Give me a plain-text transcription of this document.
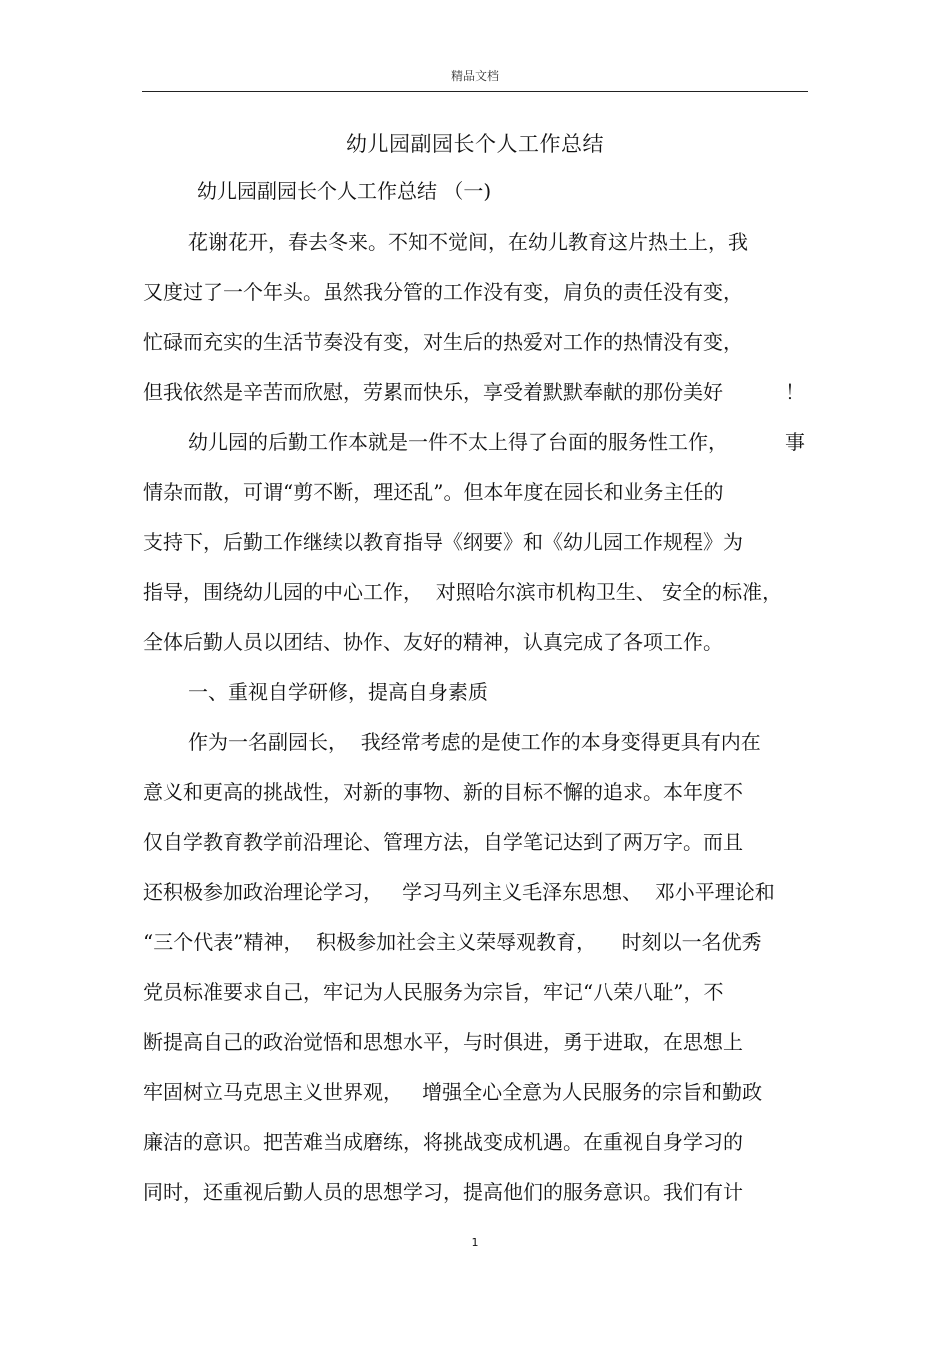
精品文档
幼儿园副园长个人工作总结
幼儿园副园长个人工作总结 （一)
花谢花开，春去冬来。不知不觉间，在幼儿教育这片热土上，我
又度过了一个年头。虽然我分管的工作没有变，肩负的责任没有变，
忙碌而充实的生活节奏没有变，对生后的热爱对工作的热情没有变，
但我依然是辛苦而欣慰，劳累而快乐，享受着默默奉献的那份美好	！
幼儿园的后勤工作本就是一件不太上得了台面的服务性工作，	事
情杂而散，可谓“剪不断，理还乱”。但本年度在园长和业务主任的
支持下，后勤工作继续以教育指导《纲要》和《幼儿园工作规程》为
指导，围绕幼儿园的中心工作，  对照哈尔滨市机构卫生、 安全的标准，
全体后勤人员以团结、协作、友好的精神，认真完成了各项工作。
一、重视自学研修，提高自身素质
作为一名副园长，  我经常考虑的是使工作的本身变得更具有内在
意义和更高的挑战性，对新的事物、新的目标不懈的追求。本年度不
仅自学教育教学前沿理论、管理方法，自学笔记达到了两万字。而且
还积极参加政治理论学习，   学习马列主义毛泽东思想、  邓小平理论和
“三个代表”精神，  积极参加社会主义荣辱观教育，    时刻以一名优秀
党员标准要求自己，牢记为人民服务为宗旨，牢记“八荣八耻”，不
断提高自己的政治觉悟和思想水平，与时俱进，勇于进取，在思想上
牢固树立马克思主义世界观，   增强全心全意为人民服务的宗旨和勤政
廉洁的意识。把苦难当成磨练，将挑战变成机遇。在重视自身学习的
同时，还重视后勤人员的思想学习，提高他们的服务意识。我们有计
1
